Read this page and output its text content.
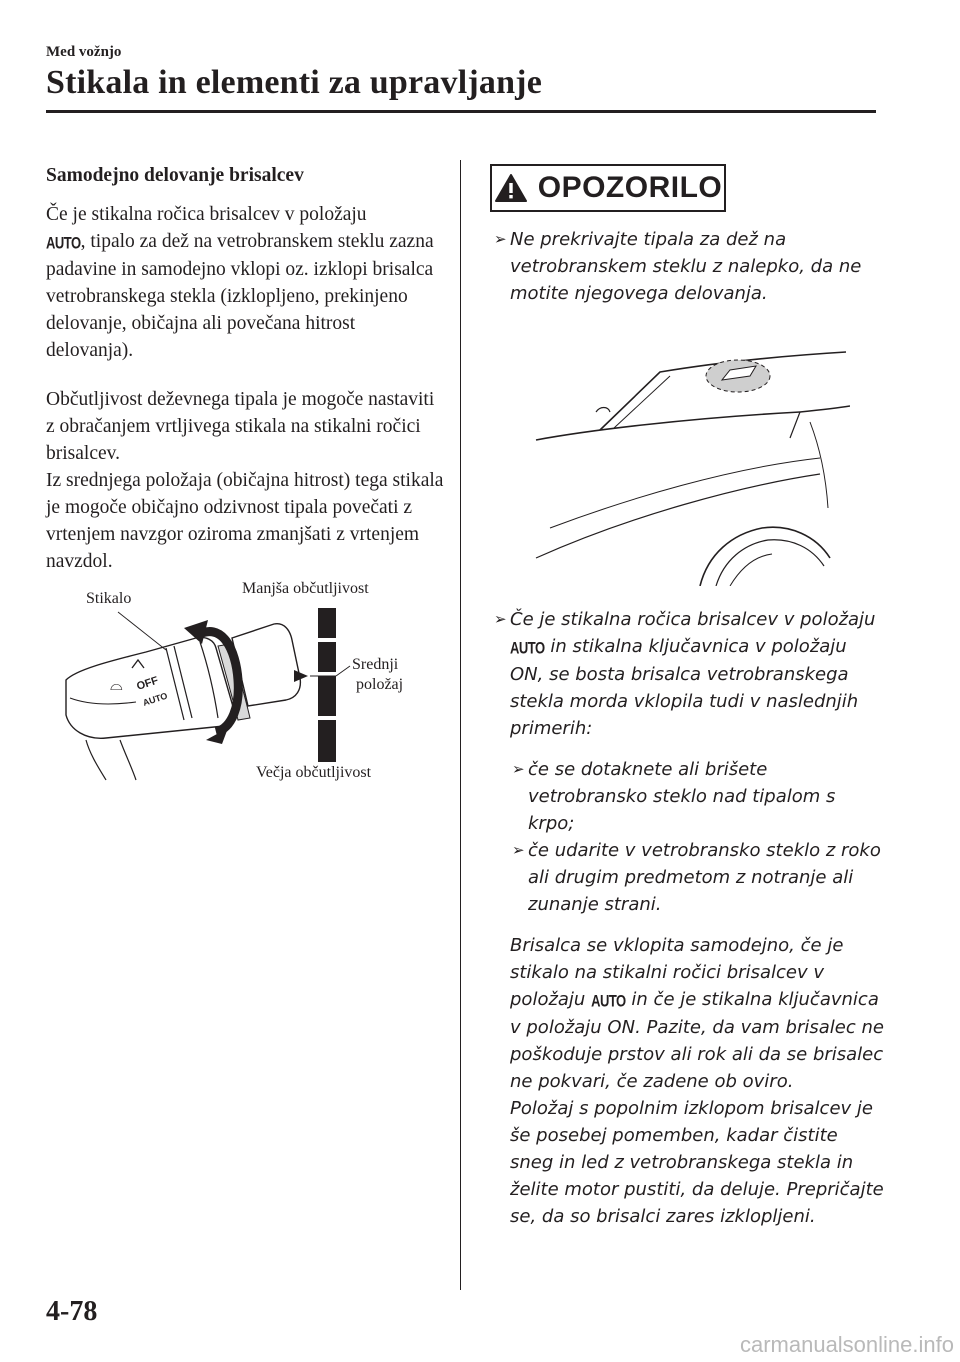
Med vožnjo
Stikala in elementi za upravljanje

Samodejno delovanje brisalcev

Če je stikalna ročica brisalcev v položaju
AUTO, tipalo za dež na vetrobranskem steklu zazna padavine in samodejno vklopi oz. izklopi brisalca vetrobranskega stekla (izklopljeno, prekinjeno delovanje, običajna ali povečana hitrost delovanja).

Občutljivost deževnega tipala je mogoče nastaviti z obračanjem vrtljivega stikala na stikalni ročici brisalcev.

Iz srednjega položaja (običajna hitrost) tega stikala je mogoče običajno odzivnost tipala povečati z vrtenjem navzgor oziroma zmanjšati z vrtenjem navzdol.

⌓ OFF
AUTO
Stikalo
Manjša občutljivost
Srednji
položaj
Večja občutljivost
OPOZORILO

➢ Ne prekrivajte tipala za dež na vetrobranskem steklu z nalepko, da ne motite njegovega delovanja.

➢ Če je stikalna ročica brisalcev v položaju
AUTO in stikalna ključavnica v položaju ON, se bosta brisalca vetrobranskega stekla morda vklopila tudi v naslednjih primerih:

➢ če se dotaknete ali brišete vetrobransko steklo nad tipalom s krpo;

➢ če udarite v vetrobransko steklo z roko ali drugim predmetom z notranje ali zunanje strani.

Brisalca se vklopita samodejno, če je stikalo na stikalni ročici brisalcev v položaju AUTO in če je stikalna ključavnica v položaju ON. Pazite, da vam brisalec ne poškoduje prstov ali rok ali da se brisalec ne pokvari, če zadene ob oviro.

Položaj s popolnim izklopom brisalcev je še posebej pomemben, kadar čistite sneg in led z vetrobranskega stekla in želite motor pustiti, da deluje. Prepričajte se, da so brisalci zares izklopljeni.

4-78
carmanualsonline.info
